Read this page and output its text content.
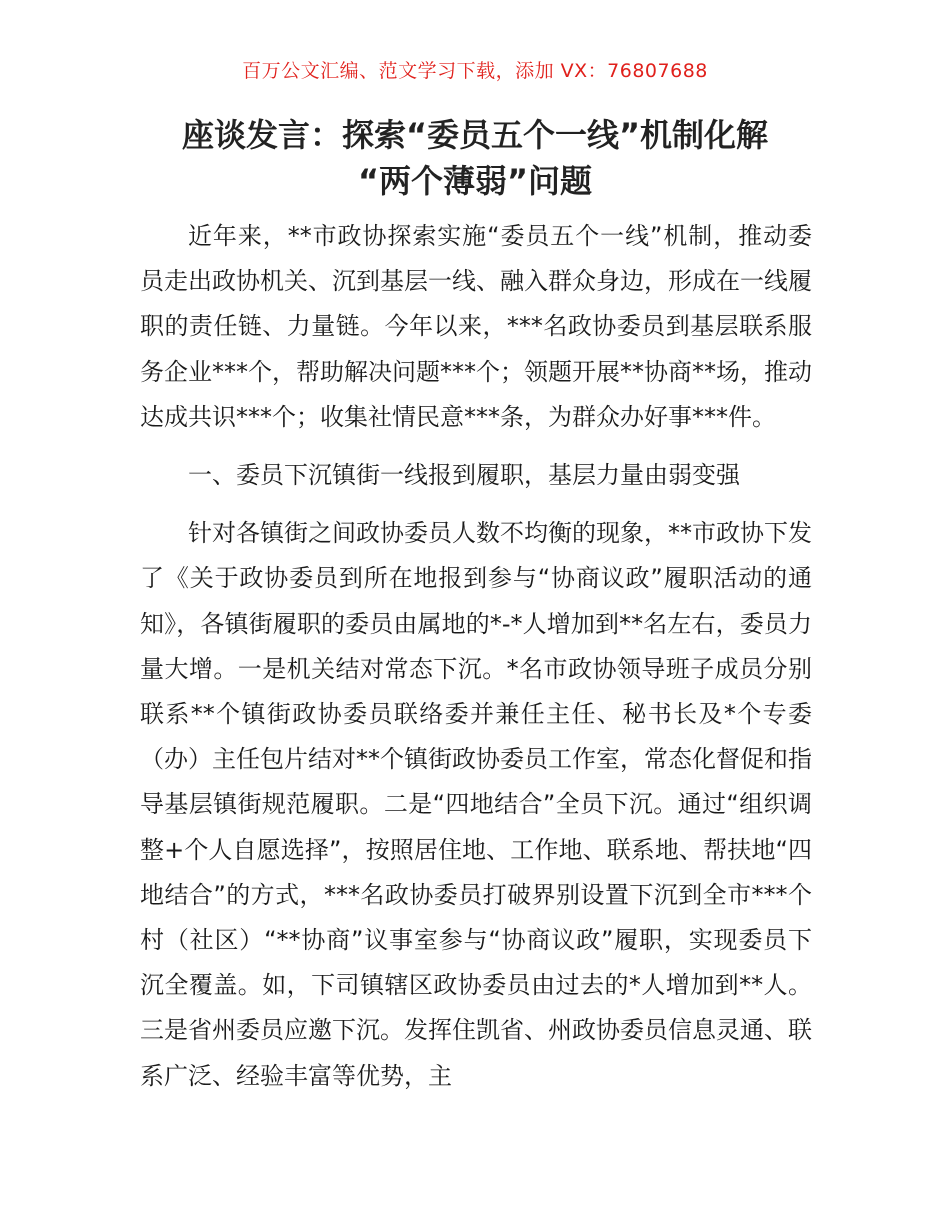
百万公文汇编、范文学习下载，添加 VX：76807688
座谈发言：探索“委员五个一线”机制化解
“两个薄弱”问题

近年来，**市政协探索实施“委员五个一线”机制，推动委员走出政协机关、沉到基层一线、融入群众身边，形成在一线履职的责任链、力量链。今年以来，***名政协委员到基层联系服务企业***个，帮助解决问题***个；领题开展**协商**场，推动达成共识***个；收集社情民意***条，为群众办好事***件。

一、委员下沉镇街一线报到履职，基层力量由弱变强

针对各镇街之间政协委员人数不均衡的现象，**市政协下发了《关于政协委员到所在地报到参与“协商议政”履职活动的通知》，各镇街履职的委员由属地的*-*人增加到**名左右，委员力量大增。一是机关结对常态下沉。*名市政协领导班子成员分别联系**个镇街政协委员联络委并兼任主任、秘书长及*个专委（办）主任包片结对**个镇街政协委员工作室，常态化督促和指导基层镇街规范履职。二是“四地结合”全员下沉。通过“组织调整+个人自愿选择”，按照居住地、工作地、联系地、帮扶地“四地结合”的方式，***名政协委员打破界别设置下沉到全市***个村（社区）“**协商”议事室参与“协商议政”履职，实现委员下沉全覆盖。如，下司镇辖区政协委员由过去的*人增加到**人。三是省州委员应邀下沉。发挥住凯省、州政协委员信息灵通、联系广泛、经验丰富等优势，主
